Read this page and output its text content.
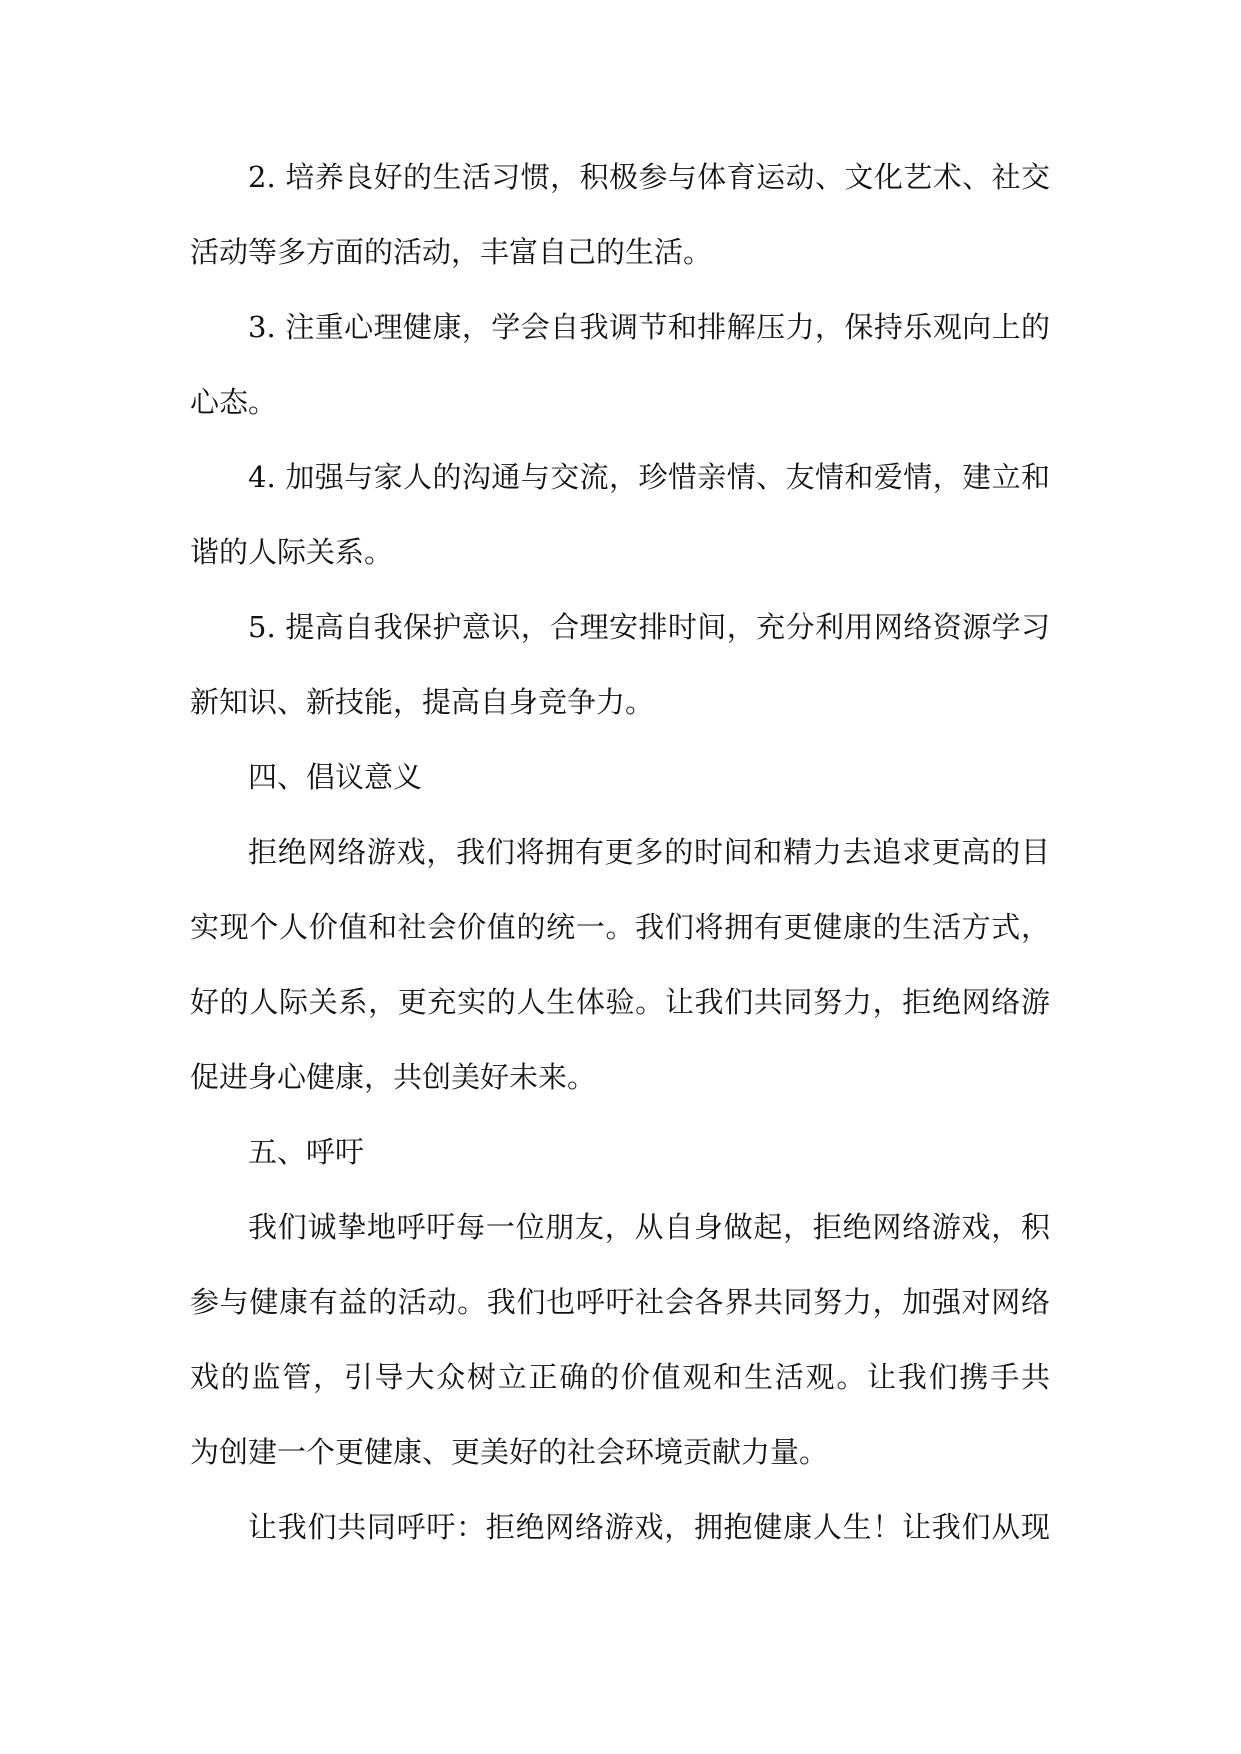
2. 培养良好的生活习惯，积极参与体育运动、文化艺术、社交
活动等多方面的活动，丰富自己的生活。
3. 注重心理健康，学会自我调节和排解压力，保持乐观向上的
心态。
4. 加强与家人的沟通与交流，珍惜亲情、友情和爱情，建立和
谐的人际关系。
5. 提高自我保护意识，合理安排时间，充分利用网络资源学习
新知识、新技能，提高自身竞争力。
四、倡议意义
拒绝网络游戏，我们将拥有更多的时间和精力去追求更高的目
实现个人价值和社会价值的统一。我们将拥有更健康的生活方式，
好的人际关系，更充实的人生体验。让我们共同努力，拒绝网络游
促进身心健康，共创美好未来。
五、呼吁
我们诚挚地呼吁每一位朋友，从自身做起，拒绝网络游戏，积
参与健康有益的活动。我们也呼吁社会各界共同努力，加强对网络
戏的监管，引导大众树立正确的价值观和生活观。让我们携手共
为创建一个更健康、更美好的社会环境贡献力量。
让我们共同呼吁：拒绝网络游戏，拥抱健康人生！让我们从现
